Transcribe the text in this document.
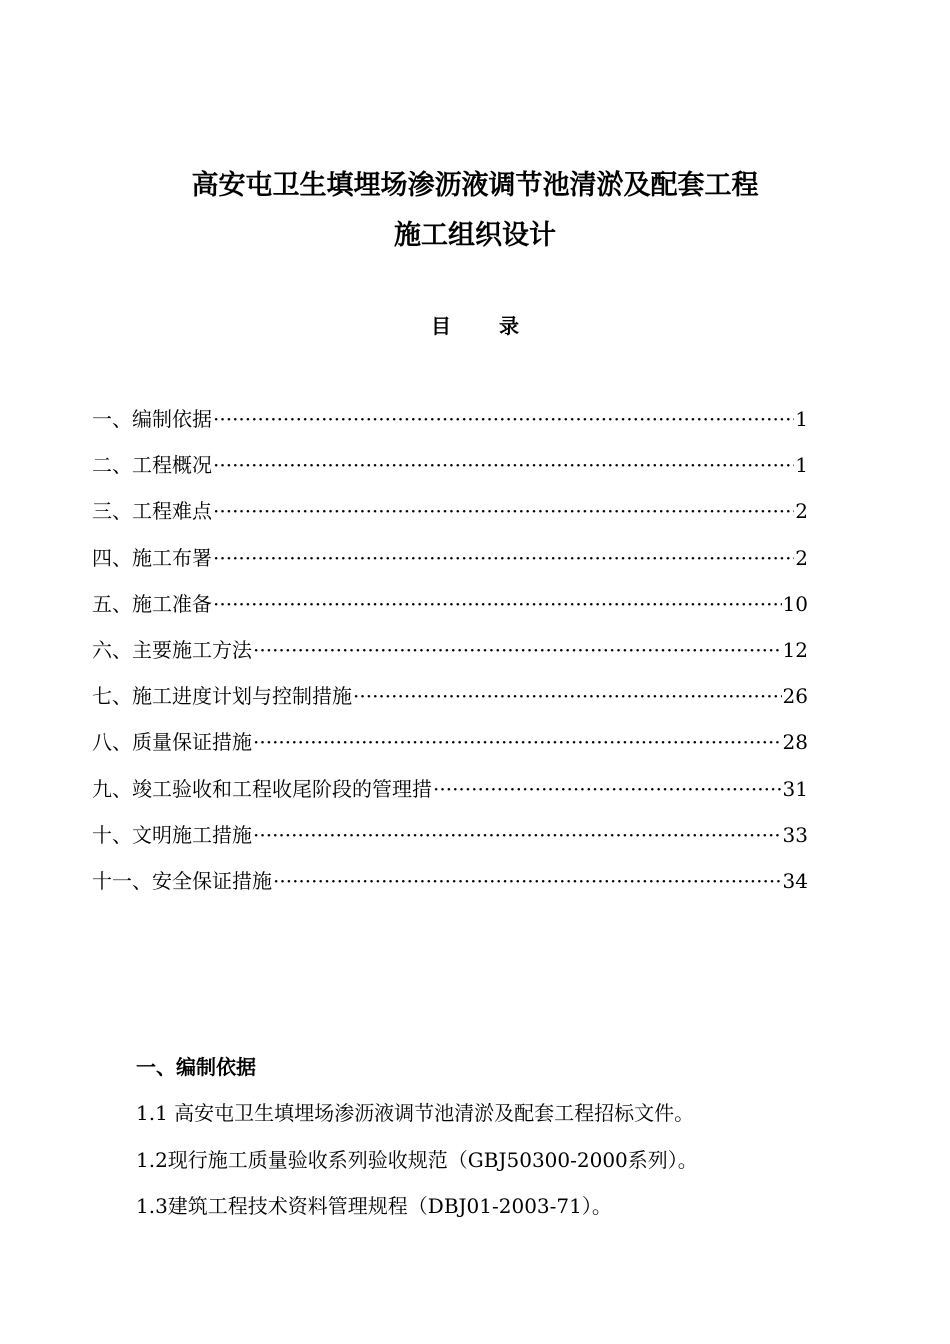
高安屯卫生填埋场渗沥液调节池清淤及配套工程
施工组织设计
目 录
一、编制依据 ·····	1
二、工程概况 ·····	1
三、工程难点 ·····	2
四、施工布署 ·····	2
五、施工准备 ·····	10
六、主要施工方法 ·····	12
七、施工进度计划与控制措施 ·····	26
八、质量保证措施 ·····	28
九、竣工验收和工程收尾阶段的管理措 ·····	31
十、文明施工措施 ·····	33
十一、安全保证措施 ·····	34
一、编制依据
1.1 高安屯卫生填埋场渗沥液调节池清淤及配套工程招标文件。
1.2现行施工质量验收系列验收规范（GBJ50300-2000系列）。
1.3建筑工程技术资料管理规程（DBJ01-2003-71）。
